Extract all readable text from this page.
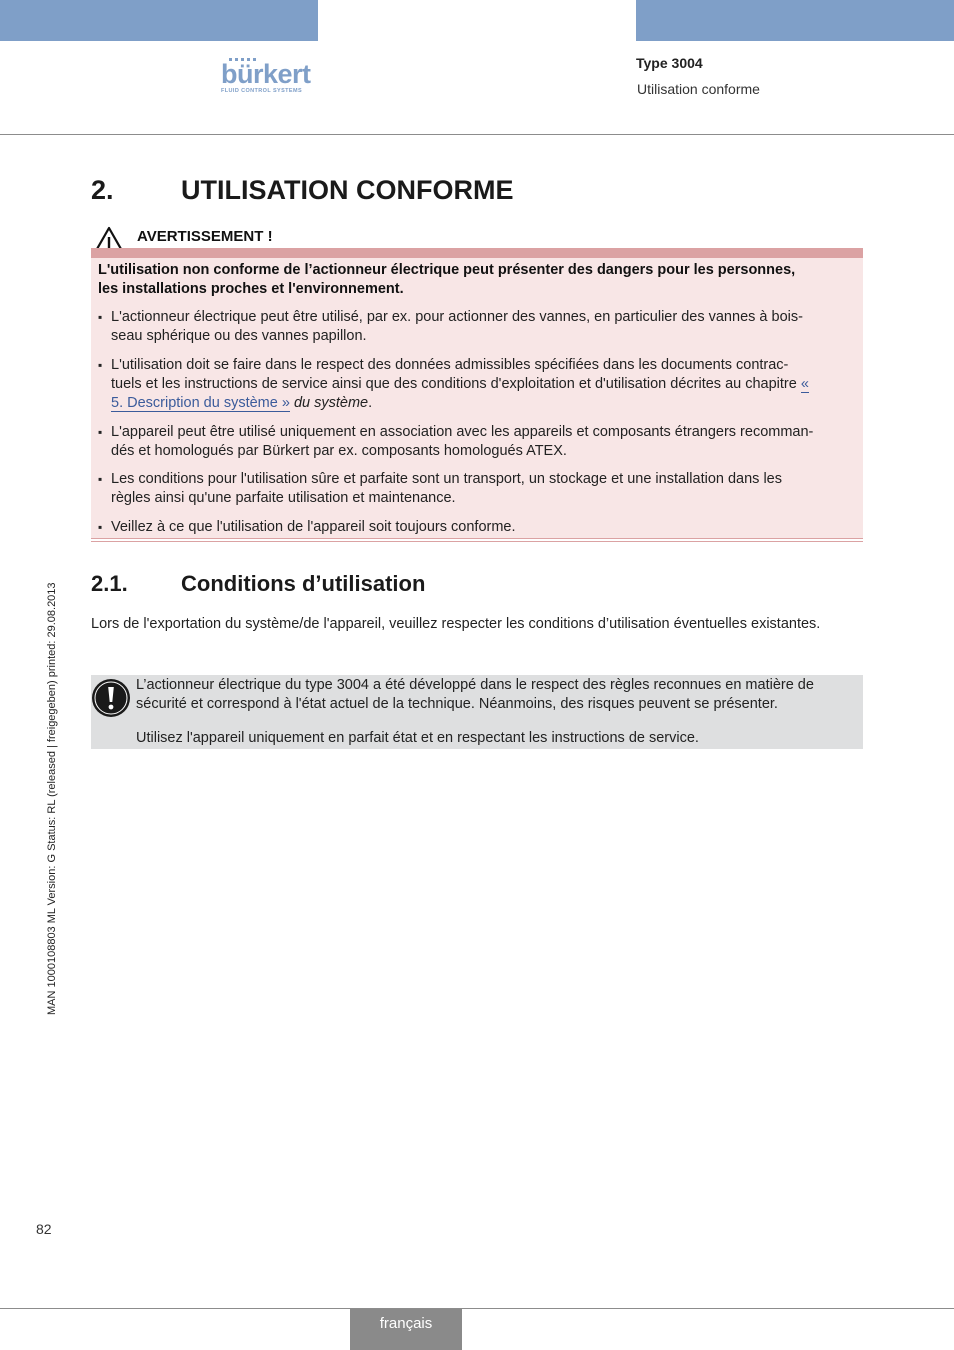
bürkert
FLUID CONTROL SYSTEMS
Type 3004
Utilisation conforme
2. UTILISATION CONFORME
AVERTISSEMENT !
L'utilisation non conforme de l’actionneur électrique peut présenter des dangers pour les personnes,
les installations proches et l'environnement.
▪ L'actionneur électrique peut être utilisé, par ex. pour actionner des vannes, en particulier des vannes à bois-
seau sphérique ou des vannes papillon.
▪ L'utilisation doit se faire dans le respect des données admissibles spécifiées dans les documents contrac-
tuels et les instructions de service ainsi que des conditions d'exploitation et d'utilisation décrites au chapitre «
5. Description du système » du système.
▪ L'appareil peut être utilisé uniquement en association avec les appareils et composants étrangers recomman-
dés et homologués par Bürkert par ex. composants homologués ATEX.
▪ Les conditions pour l'utilisation sûre et parfaite sont un transport, un stockage et une installation dans les
règles ainsi qu'une parfaite utilisation et maintenance.
▪ Veillez à ce que l'utilisation de l'appareil soit toujours conforme.
2.1. Conditions d’utilisation
Lors de l'exportation du système/de l'appareil, veuillez respecter les conditions d’utilisation éventuelles existantes.
L’actionneur électrique du type 3004 a été développé dans le respect des règles reconnues en matière de
sécurité et correspond à l'état actuel de la technique. Néanmoins, des risques peuvent se présenter.
Utilisez l'appareil uniquement en parfait état et en respectant les instructions de service.
MAN 1000108803 ML Version: G Status: RL (released | freigegeben) printed: 29.08.2013
82
français
